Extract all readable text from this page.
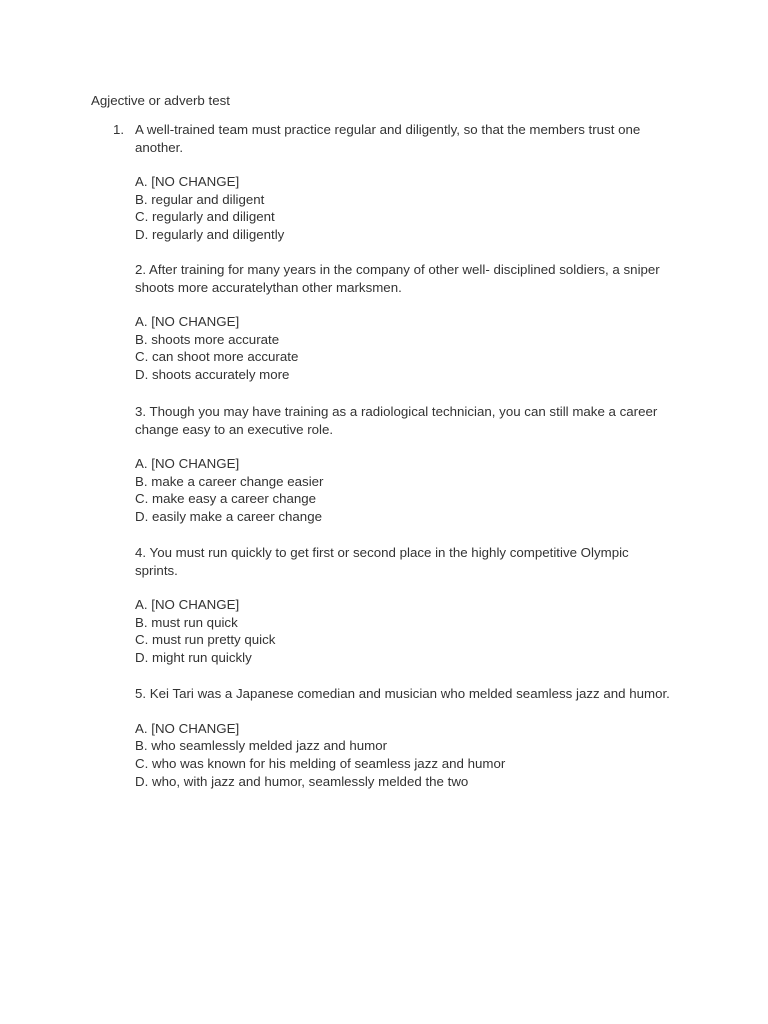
Agjective or adverb test
1. A well-trained team must practice regular and diligently, so that the members trust one another.

A. [NO CHANGE]
B. regular and diligent
C. regularly and diligent
D. regularly and diligently

2. After training for many years in the company of other well- disciplined soldiers, a sniper shoots more accuratelythan other marksmen.

A. [NO CHANGE]
B. shoots more accurate
C. can shoot more accurate
D. shoots accurately more

3. Though you may have training as a radiological technician, you can still make a career change easy to an executive role.

A. [NO CHANGE]
B. make a career change easier
C. make easy a career change
D. easily make a career change

4. You must run quickly to get first or second place in the highly competitive Olympic sprints.

A. [NO CHANGE]
B. must run quick
C. must run pretty quick
D. might run quickly

5. Kei Tari was a Japanese comedian and musician who melded seamless jazz and humor.

A. [NO CHANGE]
B. who seamlessly melded jazz and humor
C. who was known for his melding of seamless jazz and humor
D. who, with jazz and humor, seamlessly melded the two
